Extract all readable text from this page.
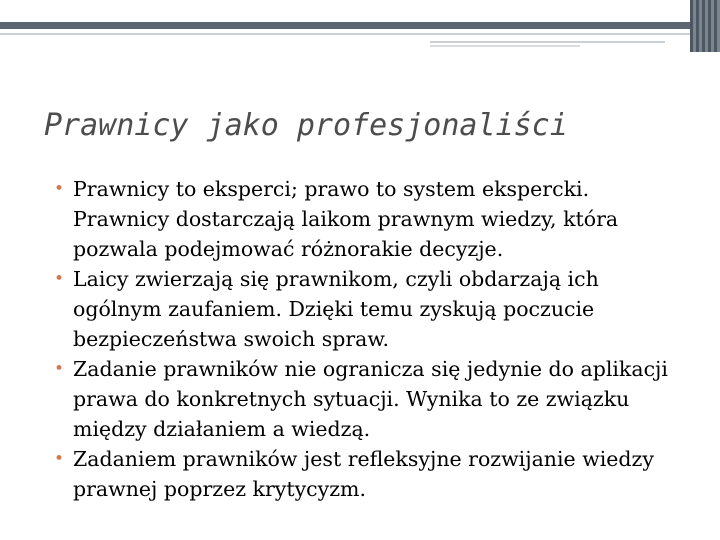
Prawnicy jako profesjonaliści
• Prawnicy to eksperci; prawo to system ekspercki. Prawnicy dostarczają laikom prawnym wiedzy, która pozwala podejmować różnorakie decyzje.
• Laicy zwierzają się prawnikom, czyli obdarzają ich ogólnym zaufaniem. Dzięki temu zyskują poczucie bezpieczeństwa swoich spraw.
• Zadanie prawników nie ogranicza się jedynie do aplikacji prawa do konkretnych sytuacji. Wynika to ze związku między działaniem a wiedzą.
• Zadaniem prawników jest refleksyjne rozwijanie wiedzy prawnej poprzez krytycyzm.
